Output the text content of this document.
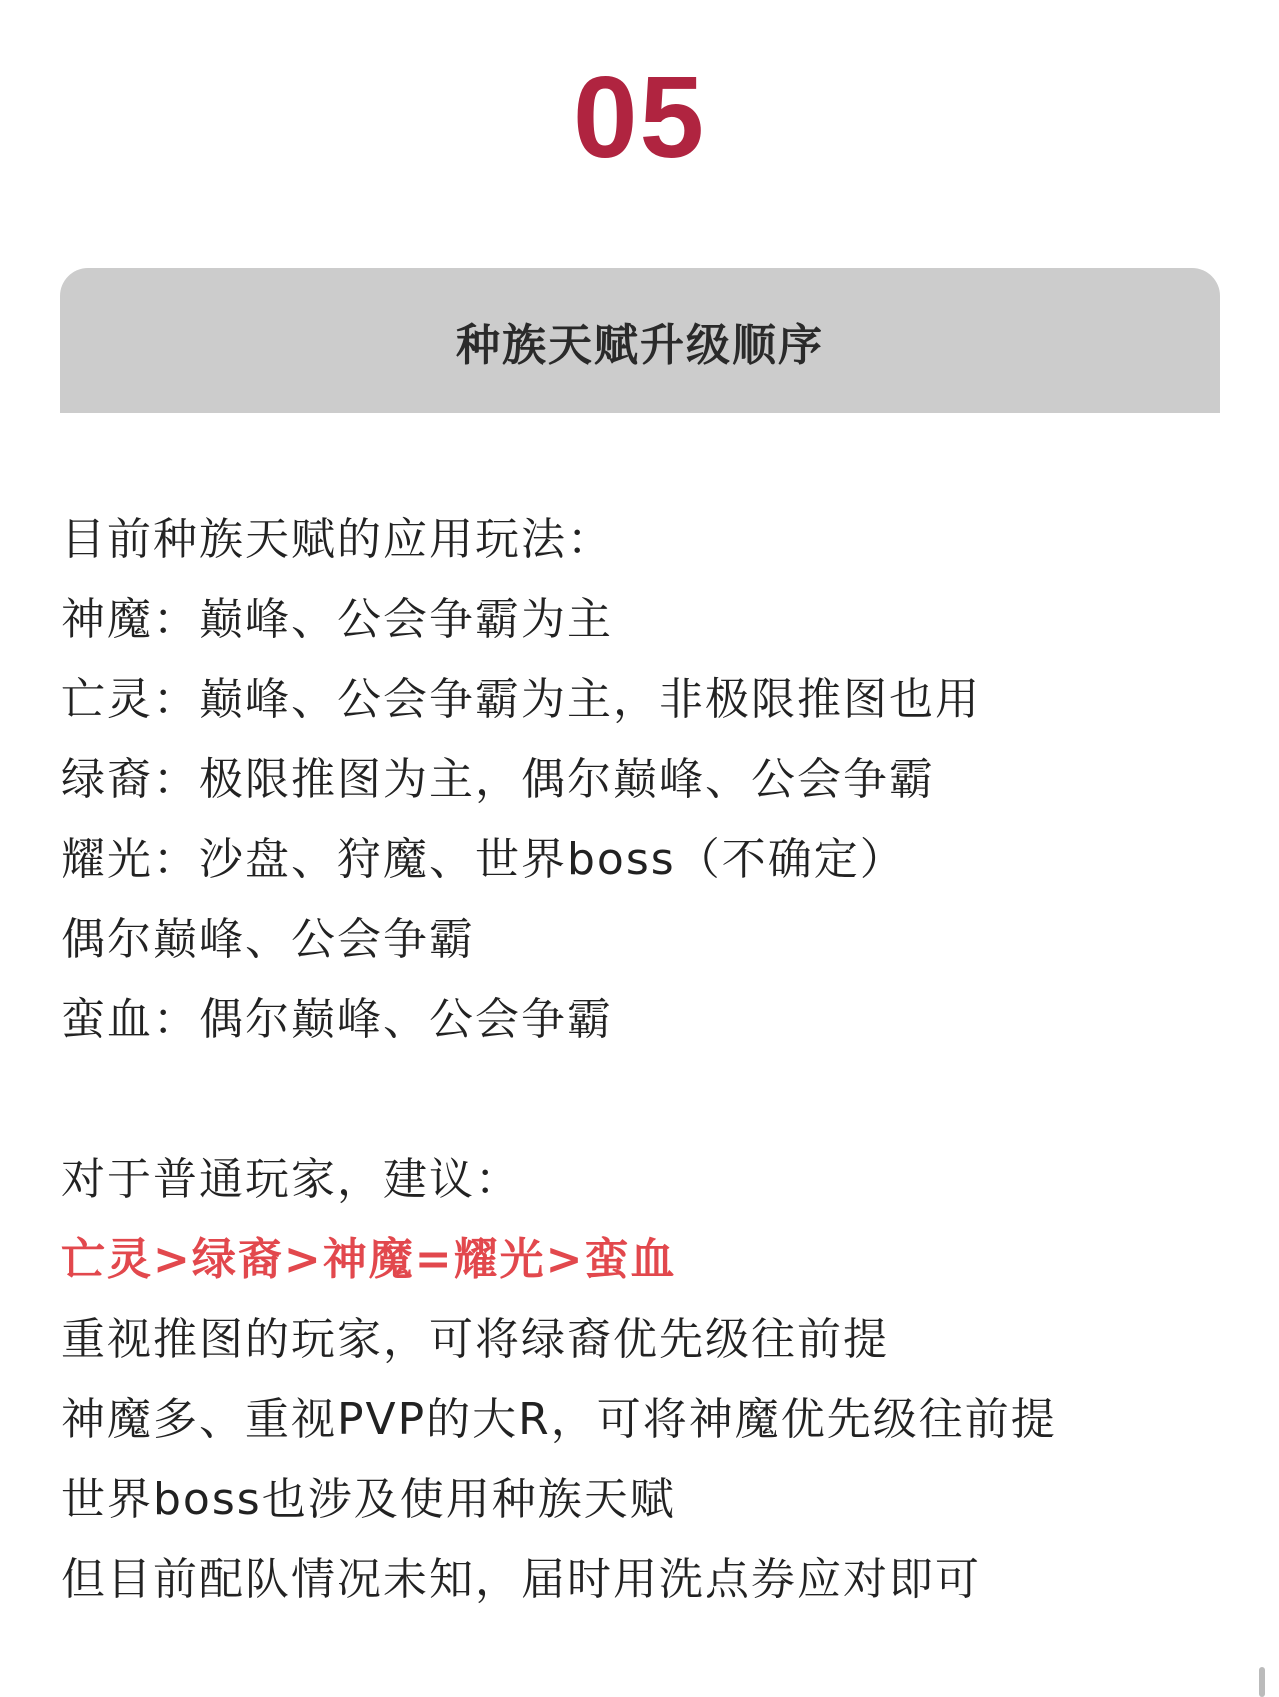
05
种族天赋升级顺序
目前种族天赋的应用玩法：
神魔：巅峰、公会争霸为主
亡灵：巅峰、公会争霸为主，非极限推图也用
绿裔：极限推图为主，偶尔巅峰、公会争霸
耀光：沙盘、狩魔、世界boss（不确定）
偶尔巅峰、公会争霸
蛮血：偶尔巅峰、公会争霸
对于普通玩家，建议：
亡灵>绿裔>神魔=耀光>蛮血
重视推图的玩家，可将绿裔优先级往前提
神魔多、重视PVP的大R，可将神魔优先级往前提
世界boss也涉及使用种族天赋
但目前配队情况未知，届时用洗点券应对即可
